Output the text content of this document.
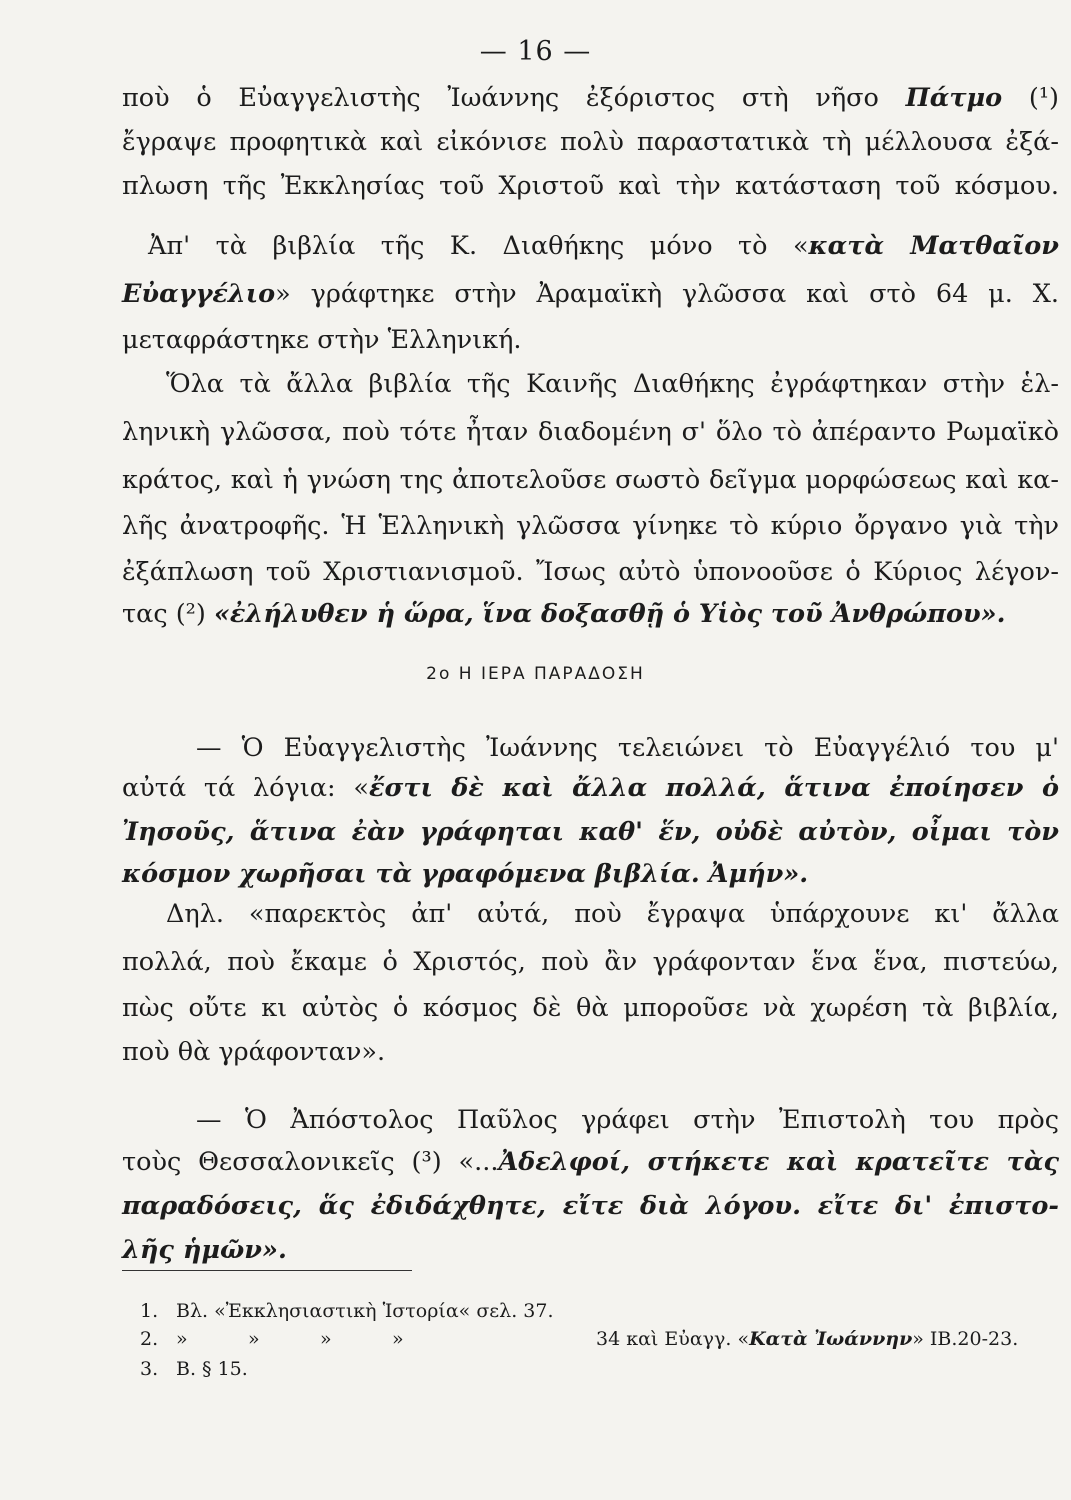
— 16 —
ποὺ ὁ Εὐαγγελιστὴς Ἰωάννης ἐξόριστος στὴ νῆσο Πάτμο (¹)
ἔγραψε προφητικὰ καὶ εἰκόνισε πολὺ παραστατικὰ τὴ μέλλουσα ἐξά-
πλωση τῆς Ἐκκλησίας τοῦ Χριστοῦ καὶ τὴν κατάσταση τοῦ κόσμου.
Ἀπ' τὰ βιβλία τῆς Κ. Διαθήκης μόνο τὸ «κατὰ Ματθαῖον
Εὐαγγέλιο» γράφτηκε στὴν Ἀραμαϊκὴ γλῶσσα καὶ στὸ 64 μ. Χ.
μεταφράστηκε στὴν Ἑλληνική.
Ὅλα τὰ ἄλλα βιβλία τῆς Καινῆς Διαθήκης ἐγράφτηκαν στὴν ἑλ-
ληνικὴ γλῶσσα, ποὺ τότε ἦταν διαδομένη σ' ὅλο τὸ ἀπέραντο Ρωμαϊκὸ
κράτος, καὶ ἡ γνώση της ἀποτελοῦσε σωστὸ δεῖγμα μορφώσεως καὶ κα-
λῆς ἀνατροφῆς. Ἡ Ἑλληνικὴ γλῶσσα γίνηκε τὸ κύριο ὄργανο γιὰ τὴν
ἐξάπλωση τοῦ Χριστιανισμοῦ. Ἴσως αὐτὸ ὑπονοοῦσε ὁ Κύριος λέγον-
τας (²) «ἐλήλυθεν ἡ ὥρα, ἵνα δοξασθῇ ὁ Υἱὸς τοῦ Ἀνθρώπου».
2ο Η ΙΕΡΑ ΠΑΡΑΔΟΣΗ
— Ὁ Εὐαγγελιστὴς Ἰωάννης τελειώνει τὸ Εὐαγγέλιό του μ'
αὐτά τά λόγια: «ἔστι δὲ καὶ ἄλλα πολλά, ἅτινα ἐποίησεν ὁ
Ἰησοῦς, ἅτινα ἐὰν γράφηται καθ' ἕν, οὐδὲ αὐτὸν, οἶμαι τὸν
κόσμον χωρῆσαι τὰ γραφόμενα βιβλία. Ἀμήν».
Δηλ. «παρεκτὸς ἀπ' αὐτά, ποὺ ἔγραψα ὑπάρχουνε κι' ἄλλα
πολλά, ποὺ ἔκαμε ὁ Χριστός, ποὺ ἂν γράφονταν ἕνα ἕνα, πιστεύω,
πὼς οὔτε κι αὐτὸς ὁ κόσμος δὲ θὰ μποροῦσε νὰ χωρέση τὰ βιβλία,
ποὺ θὰ γράφονταν».
— Ὁ Ἀπόστολος Παῦλος γράφει στὴν Ἐπιστολὴ του πρὸς
τοὺς Θεσσαλονικεῖς (³) «...Ἀδελφοί, στήκετε καὶ κρατεῖτε τὰς
παραδόσεις, ἅς ἐδιδάχθητε, εἴτε διὰ λόγου. εἴτε δι' ἐπιστο-
λῆς ἡμῶν».
1. Βλ. «Ἐκκλησιαστικὴ Ἱστορία« σελ. 37.
2. »          »          »          »	34 καὶ Εὐαγγ. «Κατὰ Ἰωάννην» IB.20-23.
3. B. § 15.
